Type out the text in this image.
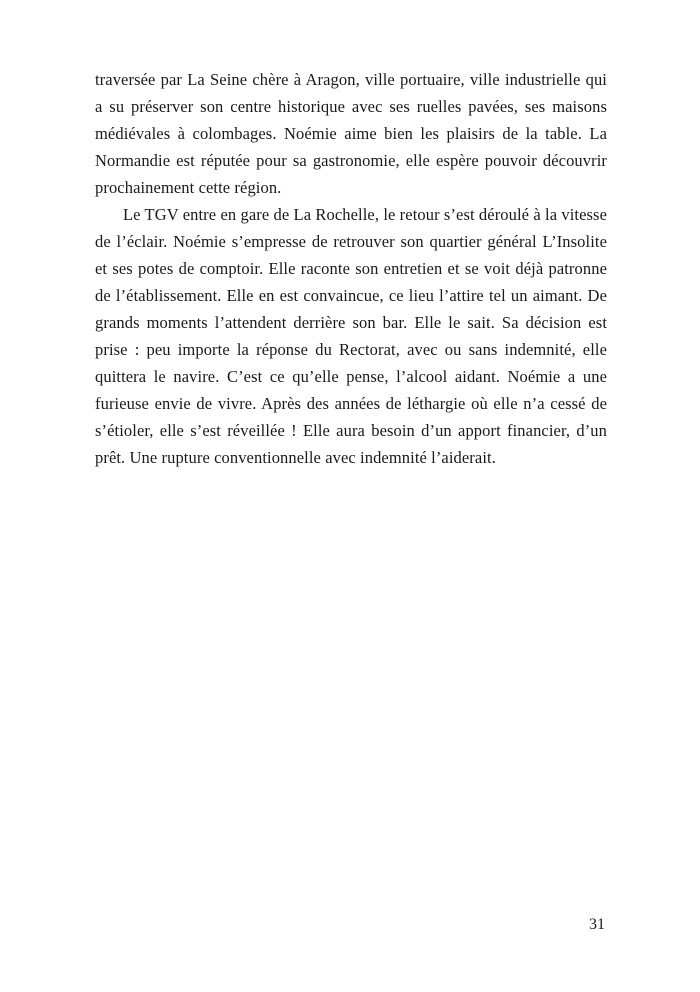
traversée par La Seine chère à Aragon, ville portuaire, ville industrielle qui a su préserver son centre historique avec ses ruelles pavées, ses maisons médiévales à colombages. Noémie aime bien les plaisirs de la table. La Normandie est réputée pour sa gastronomie, elle espère pouvoir découvrir prochainement cette région.

Le TGV entre en gare de La Rochelle, le retour s’est déroulé à la vitesse de l’éclair. Noémie s’empresse de retrouver son quartier général L’Insolite et ses potes de comptoir. Elle raconte son entretien et se voit déjà patronne de l’établissement. Elle en est convaincue, ce lieu l’attire tel un aimant. De grands moments l’attendent derrière son bar. Elle le sait. Sa décision est prise : peu importe la réponse du Rectorat, avec ou sans indemnité, elle quittera le navire. C’est ce qu’elle pense, l’alcool aidant. Noémie a une furieuse envie de vivre. Après des années de léthargie où elle n’a cessé de s’étioler, elle s’est réveillée ! Elle aura besoin d’un apport financier, d’un prêt. Une rupture conventionnelle avec indemnité l’aiderait.

31
